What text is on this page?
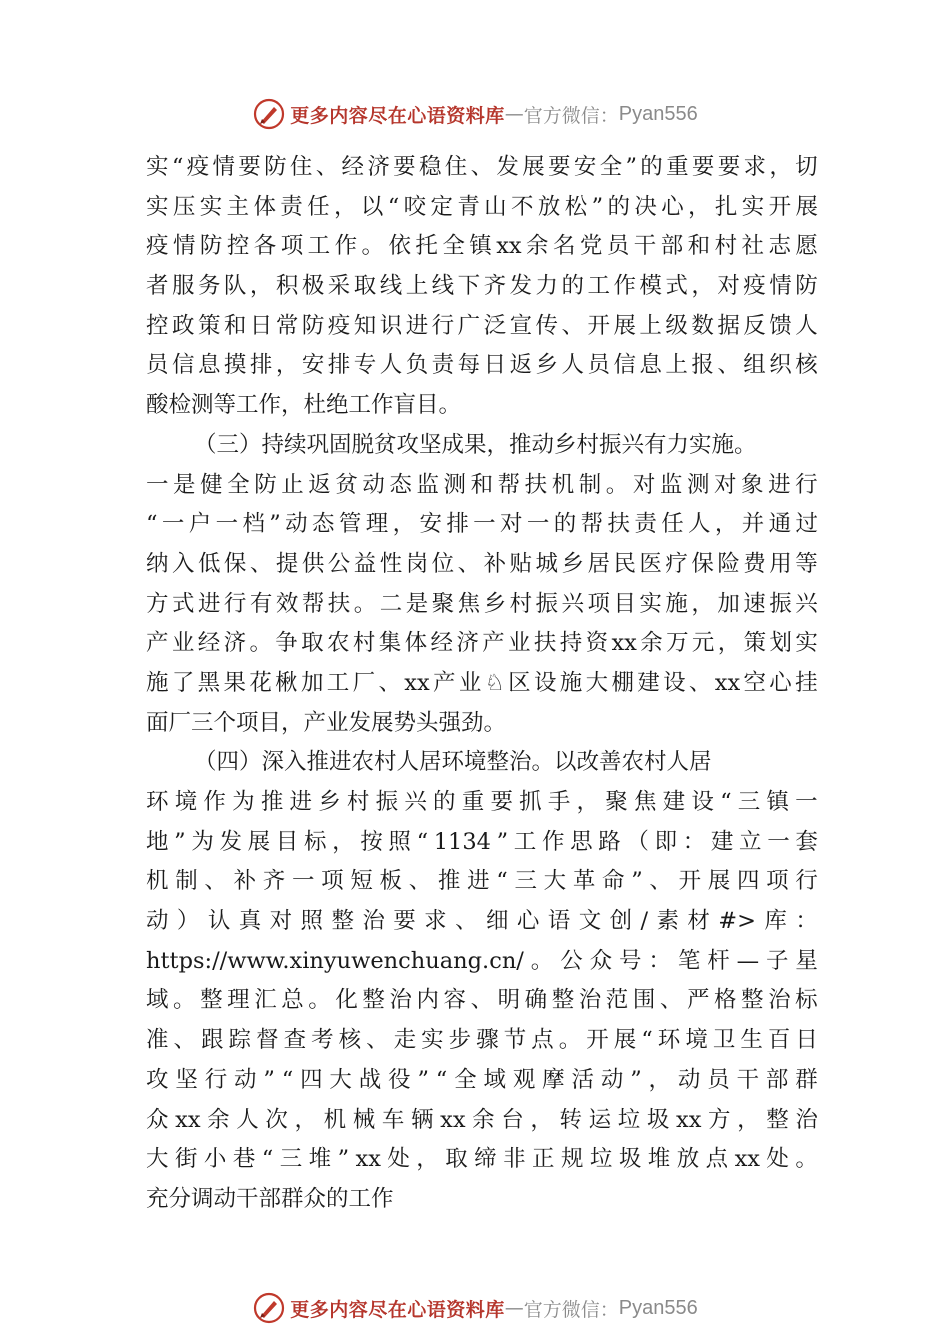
更多内容尽在心语资料库 — 官方微信： Pyan556
实 “ 疫 情 要 防 住 、 经 济 要 稳 住 、 发 展 要 安 全 ” 的 重 要 要 求 ， 切
实 压 实 主 体 责 任 ， 以 “ 咬 定 青 山 不 放 松 ” 的 决 心 ， 扎 实 开 展
疫 情 防 控 各 项 工 作 。 依 托 全 镇 xx 余 名 党 员 干 部 和 村 社 志 愿
者 服 务 队 ， 积 极 采 取 线 上 线 下 齐 发 力 的 工 作 模 式 ， 对 疫 情 防
控 政 策 和 日 常 防 疫 知 识 进 行 广 泛 宣 传 、 开 展 上 级 数 据 反 馈 人
员 信 息 摸 排 ， 安 排 专 人 负 责 每 日 返 乡 人 员 信 息 上 报 、 组 织 核
酸检测等工作，杜绝工作盲目。
（三）持续巩固脱贫攻坚成果，推动乡村振兴有力实施。
一 是 健 全 防 止 返 贫 动 态 监 测 和 帮 扶 机 制 。 对 监 测 对 象 进 行
“ 一 户 一 档 ” 动 态 管 理 ， 安 排 一 对 一 的 帮 扶 责 任 人 ， 并 通 过
纳 入 低 保 、 提 供 公 益 性 岗 位 、 补 贴 城 乡 居 民 医 疗 保 险 费 用 等
方 式 进 行 有 效 帮 扶 。 二 是 聚 焦 乡 村 振 兴 项 目 实 施 ， 加 速 振 兴
产 业 经 济 。 争 取 农 村 集 体 经 济 产 业 扶 持 资 xx 余 万 元 ， 策 划 实
施 了 黑 果 花 楸 加 工 厂 、 xx 产 业 ♘ 区 设 施 大 棚 建 设 、 xx 空 心 挂
面厂三个项目，产业发展势头强劲。
（四）深入推进农村人居环境整治。以改善农村人居
环 境 作 为 推 进 乡 村 振 兴 的 重 要 抓 手 ， 聚 焦 建 设 “ 三 镇 一
地 ” 为 发 展 目 标 ， 按 照 “ 1134 ” 工 作 思 路 （ 即 ： 建 立 一 套
机 制 、 补 齐 一 项 短 板 、 推 进 “ 三 大 革 命 ” 、 开 展 四 项 行
动 ） 认 真 对 照 整 治 要 求 、 细 心 语 文 创 / 素 材 #> 库 ：
https://www.xinyuwenchuang.cn/ 。 公 众 号 ： 笔 杆 — 子 星
域 。 整 理 汇 总 。 化 整 治 内 容 、 明 确 整 治 范 围 、 严 格 整 治 标
准 、 跟 踪 督 查 考 核 、 走 实 步 骤 节 点 。 开 展 “ 环 境 卫 生 百 日
攻 坚 行 动 ” “ 四 大 战 役 ” “ 全 域 观 摩 活 动 ” ， 动 员 干 部 群
众 xx 余 人 次 ， 机 械 车 辆 xx 余 台 ， 转 运 垃 圾 xx 方 ， 整 治
大 街 小 巷 “ 三 堆 ” xx 处 ， 取 缔 非 正 规 垃 圾 堆 放 点 xx 处 。
充分调动干部群众的工作
更多内容尽在心语资料库 — 官方微信： Pyan556
